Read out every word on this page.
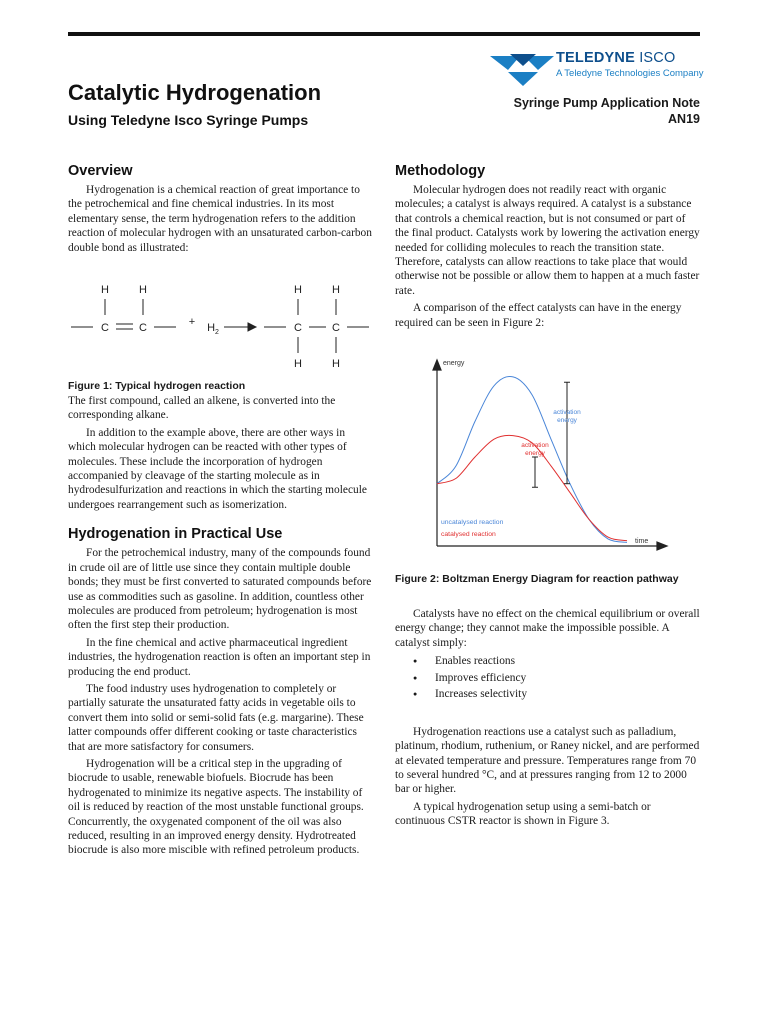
TELEDYNE ISCO
A Teledyne Technologies Company
Catalytic Hydrogenation
Using Teledyne Isco Syringe Pumps
Syringe Pump Application Note
AN19
Overview

Hydrogenation is a chemical reaction of great importance to the petrochemical and fine chemical industries. In its most elementary sense, the term hydrogenation refers to the addition reaction of molecular hydrogen with an unsaturated carbon-carbon double bond as illustrated:

H	H
C	C	+ $H_2$
H	H
C	C
H	H
Figure 1: Typical hydrogen reaction

The first compound, called an alkene, is converted into the corresponding alkane.

In addition to the example above, there are other ways in which molecular hydrogen can be reacted with other types of molecules. These include the incorporation of hydrogen accompanied by cleavage of the starting molecule as in hydrodesulfurization and reactions in which the starting molecule undergoes rearrangement such as isomerization.

Hydrogenation in Practical Use

For the petrochemical industry, many of the compounds found in crude oil are of little use since they contain multiple double bonds; they must be first converted to saturated compounds before use as commodities such as gasoline. In addition, countless other molecules are produced from petroleum; hydrogenation is most often the first step their production.

In the fine chemical and active pharmaceutical ingredient industries, the hydrogenation reaction is often an important step in producing the end product.

The food industry uses hydrogenation to completely or partially saturate the unsaturated fatty acids in vegetable oils to convert them into solid or semi-solid fats (e.g. margarine). These latter compounds offer different cooking or taste characteristics that are more satisfactory for consumers.

Hydrogenation will be a critical step in the upgrading of biocrude to usable, renewable biofuels. Biocrude has been hydrogenated to minimize its negative aspects. The instability of oil is reduced by reaction of the most unstable functional groups. Concurrently, the oxygenated component of the oil was also reduced, resulting in an improved energy density. Hydrotreated biocrude is also more miscible with refined petroleum products.

Methodology

Molecular hydrogen does not readily react with organic molecules; a catalyst is always required. A catalyst is a substance that controls a chemical reaction, but is not consumed or part of the final product. Catalysts work by lowering the activation energy needed for colliding molecules to reach the transition state. Therefore, catalysts can allow reactions to take place that would otherwise not be possible or allow them to happen at a much faster rate.

A comparison of the effect catalysts can have in the energy required can be seen in Figure 2:

energy
time
activation energy
activation energy
uncatalysed reaction
catalysed reaction
Figure 2: Boltzman Energy Diagram for reaction pathway

Catalysts have no effect on the chemical equilibrium or overall energy change; they cannot make the impossible possible. A catalyst simply:

● Enables reactions
● Improves efficiency
● Increases selectivity

Hydrogenation reactions use a catalyst such as palladium, platinum, rhodium, ruthenium, or Raney nickel, and are performed at elevated temperature and pressure. Temperatures range from 70 to several hundred °C, and at pressures ranging from 12 to 2000 bar or higher.

A typical hydrogenation setup using a semi-batch or continuous CSTR reactor is shown in Figure 3.
